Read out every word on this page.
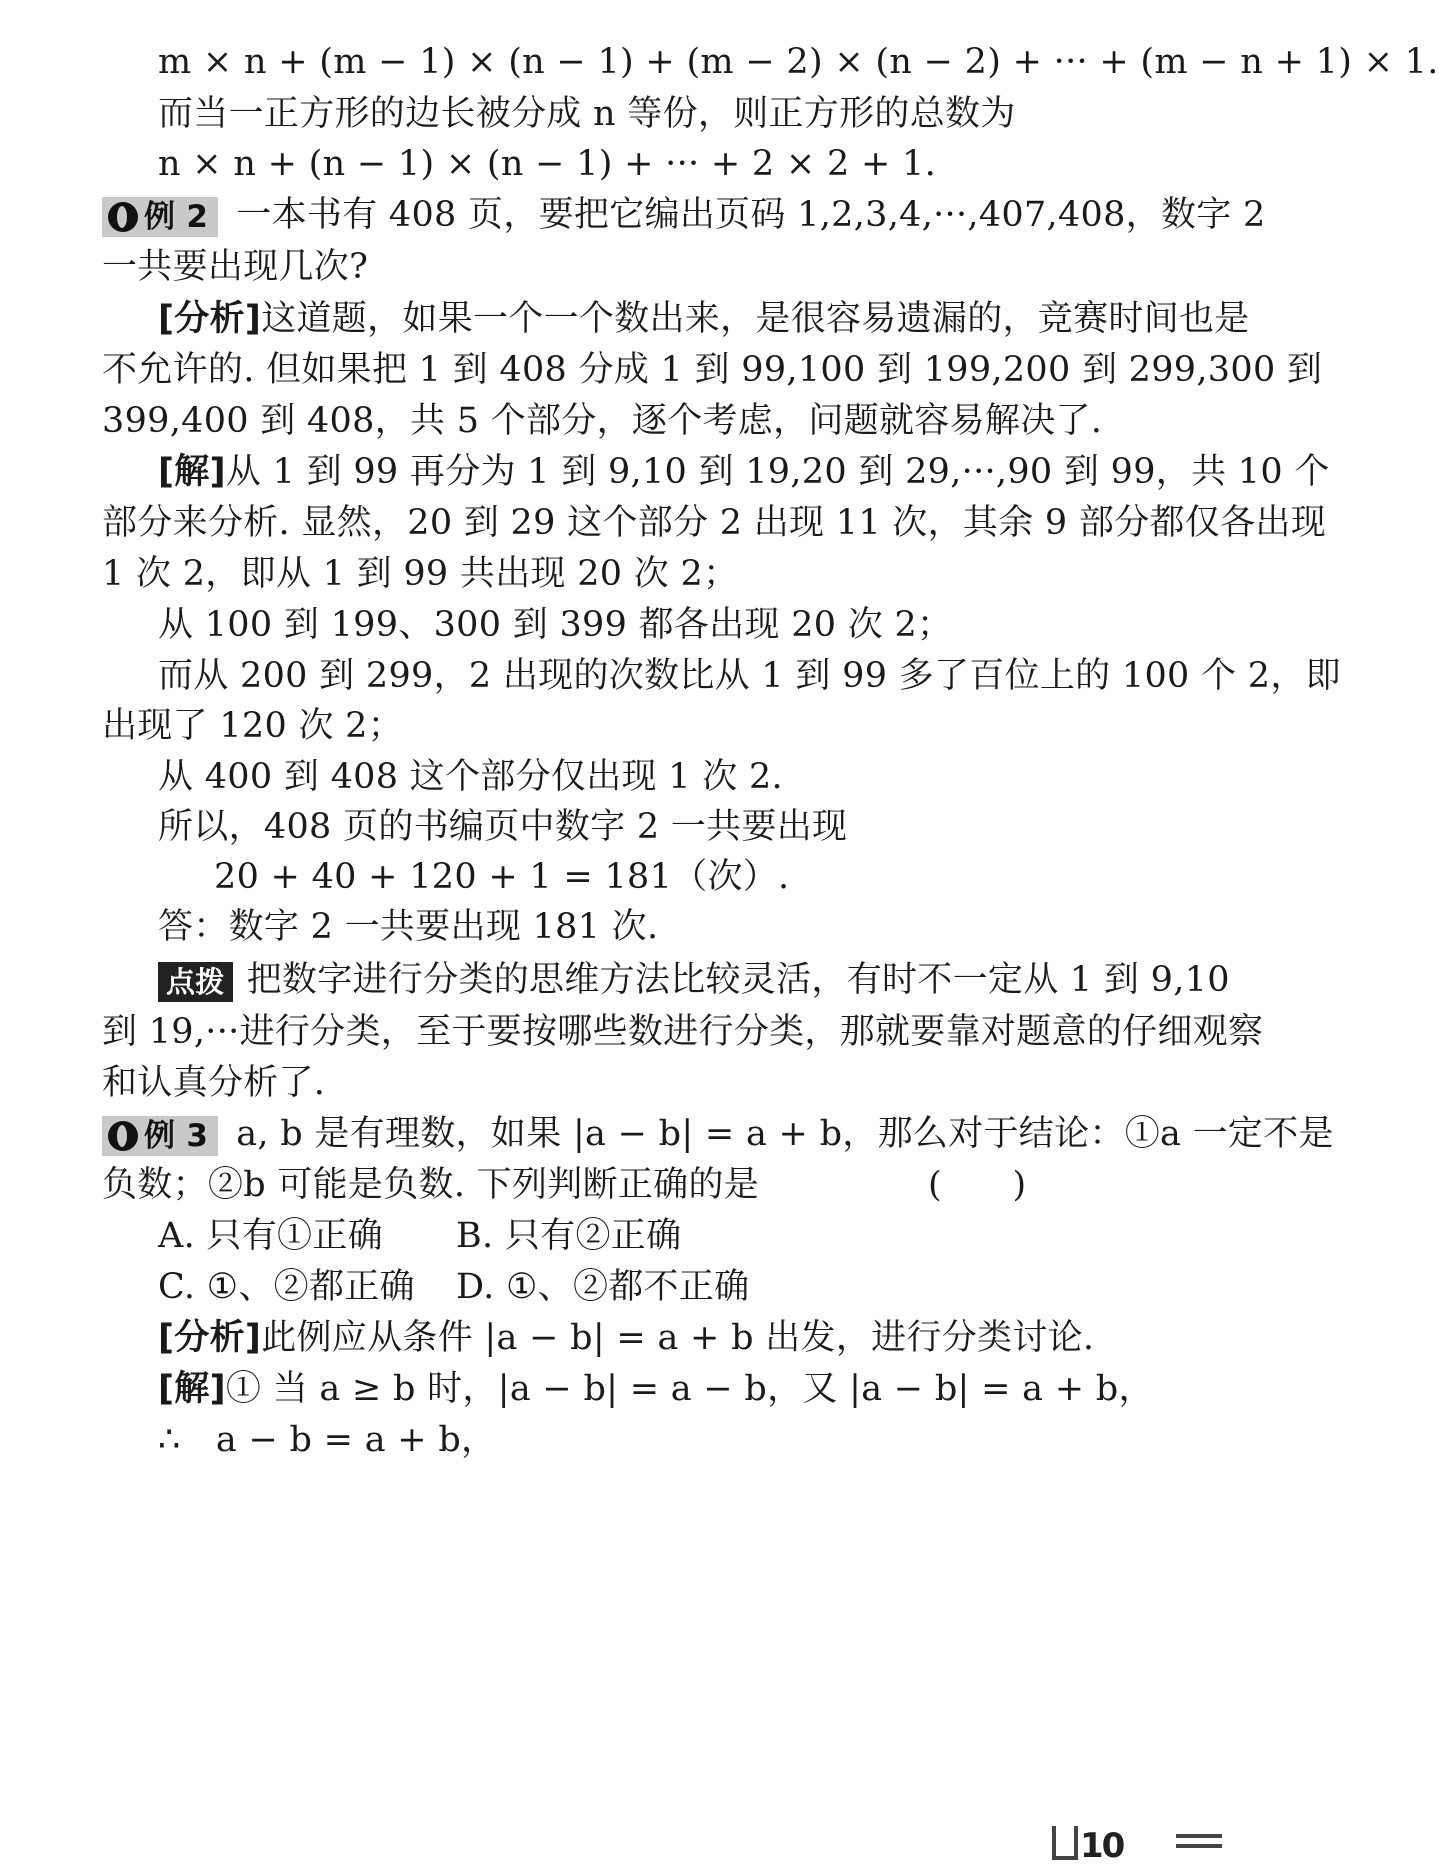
m × n + (m − 1) × (n − 1) + (m − 2) × (n − 2) + ··· + (m − n + 1) × 1.
而当一正方形的边长被分成 n 等份，则正方形的总数为
n × n + (n − 1) × (n − 1) + ··· + 2 × 2 + 1.
例 2 一本书有 408 页，要把它编出页码 1,2,3,4,···,407,408，数字 2
一共要出现几次?
[分析]这道题，如果一个一个数出来，是很容易遗漏的，竞赛时间也是
不允许的. 但如果把 1 到 408 分成 1 到 99,100 到 199,200 到 299,300 到
399,400 到 408，共 5 个部分，逐个考虑，问题就容易解决了.
[解]从 1 到 99 再分为 1 到 9,10 到 19,20 到 29,···,90 到 99，共 10 个
部分来分析. 显然，20 到 29 这个部分 2 出现 11 次，其余 9 部分都仅各出现
1 次 2，即从 1 到 99 共出现 20 次 2；
从 100 到 199、300 到 399 都各出现 20 次 2；
而从 200 到 299，2 出现的次数比从 1 到 99 多了百位上的 100 个 2，即
出现了 120 次 2；
从 400 到 408 这个部分仅出现 1 次 2.
所以，408 页的书编页中数字 2 一共要出现
20 + 40 + 120 + 1 = 181（次）.
答：数字 2 一共要出现 181 次.
点拨 把数字进行分类的思维方法比较灵活，有时不一定从 1 到 9,10
到 19,···进行分类，至于要按哪些数进行分类，那就要靠对题意的仔细观察
和认真分析了.
例 3 a, b 是有理数，如果 |a − b| = a + b，那么对于结论：①a 一定不是
负数；②b 可能是负数. 下列判断正确的是	(　　)
A. 只有①正确 B. 只有②正确
C. ①、②都正确 D. ①、②都不正确
[分析]此例应从条件 |a − b| = a + b 出发，进行分类讨论.
[解]① 当 a ≥ b 时，|a − b| = a − b，又 |a − b| = a + b，
∴　a − b = a + b，
10
